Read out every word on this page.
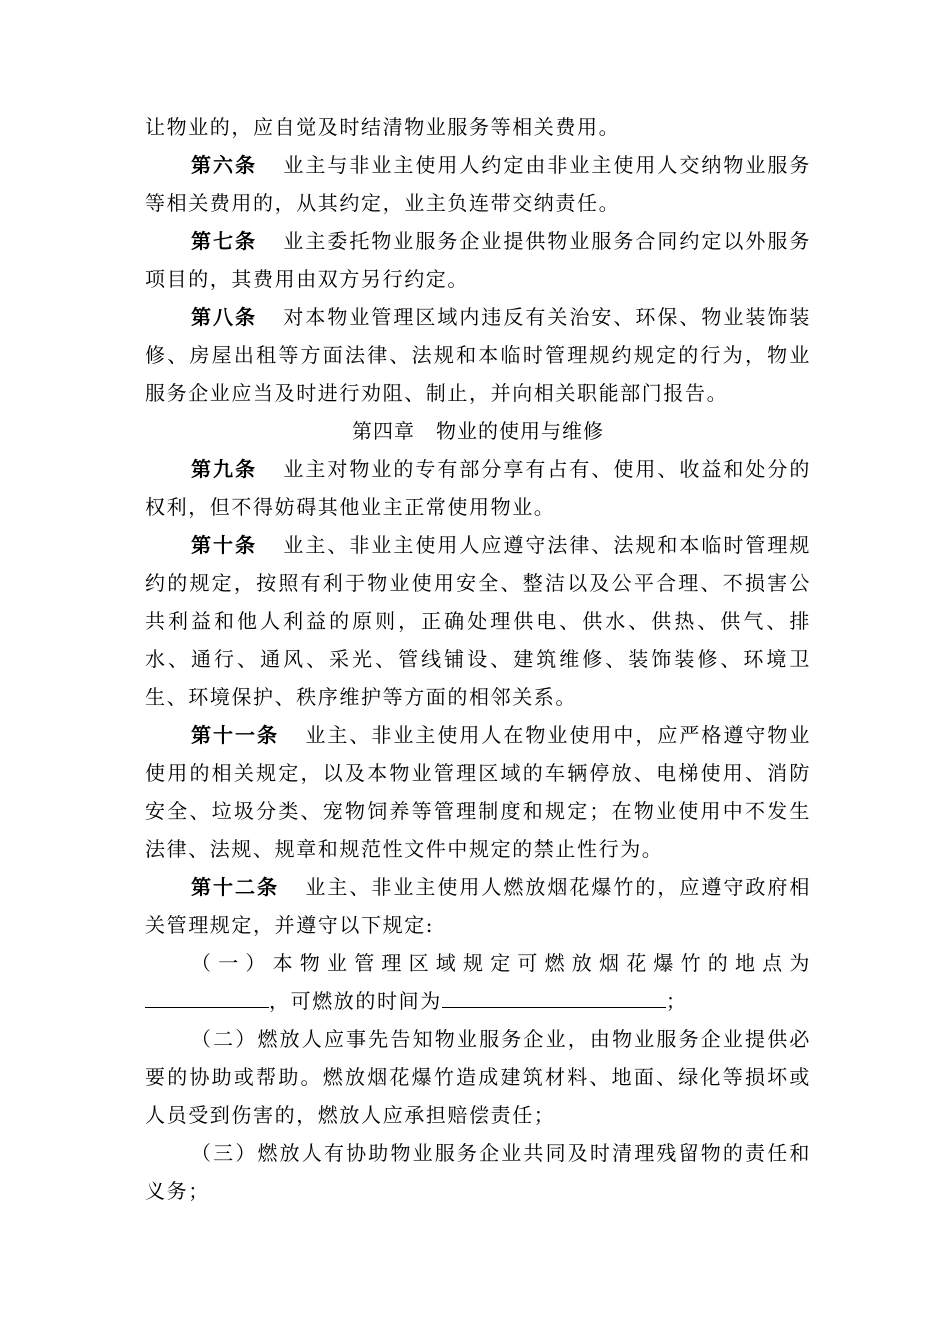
让物业的，应自觉及时结清物业服务等相关费用。

第六条 业主与非业主使用人约定由非业主使用人交纳物业服务等相关费用的，从其约定，业主负连带交纳责任。

第七条 业主委托物业服务企业提供物业服务合同约定以外服务项目的，其费用由双方另行约定。

第八条 对本物业管理区域内违反有关治安、环保、物业装饰装修、房屋出租等方面法律、法规和本临时管理规约规定的行为，物业服务企业应当及时进行劝阻、制止，并向相关职能部门报告。

第四章　物业的使用与维修

第九条 业主对物业的专有部分享有占有、使用、收益和处分的权利，但不得妨碍其他业主正常使用物业。

第十条 业主、非业主使用人应遵守法律、法规和本临时管理规约的规定，按照有利于物业使用安全、整洁以及公平合理、不损害公共利益和他人利益的原则，正确处理供电、供水、供热、供气、排水、通行、通风、采光、管线铺设、建筑维修、装饰装修、环境卫生、环境保护、秩序维护等方面的相邻关系。

第十一条 业主、非业主使用人在物业使用中，应严格遵守物业使用的相关规定，以及本物业管理区域的车辆停放、电梯使用、消防安全、垃圾分类、宠物饲养等管理制度和规定；在物业使用中不发生法律、法规、规章和规范性文件中规定的禁止性行为。

第十二条 业主、非业主使用人燃放烟花爆竹的，应遵守政府相关管理规定，并遵守以下规定:

（一）本物业管理区域规定可燃放烟花爆竹的地点为，可燃放的时间为	；

（二）燃放人应事先告知物业服务企业，由物业服务企业提供必要的协助或帮助。燃放烟花爆竹造成建筑材料、地面、绿化等损坏或人员受到伤害的，燃放人应承担赔偿责任；

（三）燃放人有协助物业服务企业共同及时清理残留物的责任和义务；
